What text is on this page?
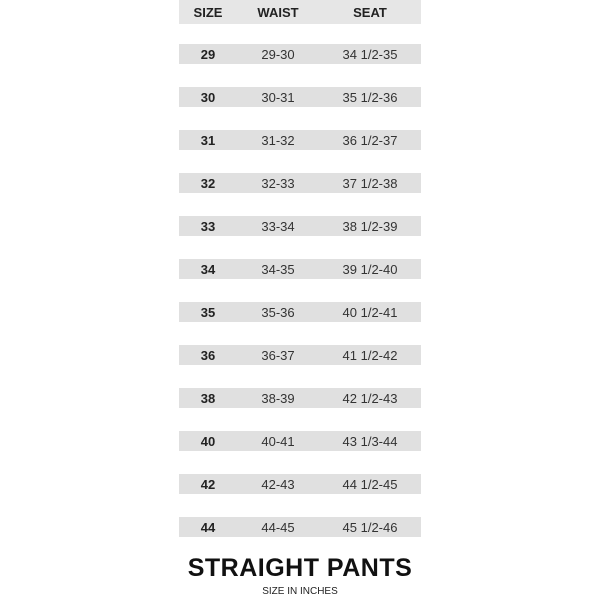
SIZE	WAIST	SEAT
29	29-30	34 1/2-35
30	30-31	35 1/2-36
31	31-32	36 1/2-37
32	32-33	37 1/2-38
33	33-34	38 1/2-39
34	34-35	39 1/2-40
35	35-36	40 1/2-41
36	36-37	41 1/2-42
38	38-39	42 1/2-43
40	40-41	43 1/3-44
42	42-43	44 1/2-45
44	44-45	45 1/2-46
STRAIGHT PANTS

SIZE IN INCHES
